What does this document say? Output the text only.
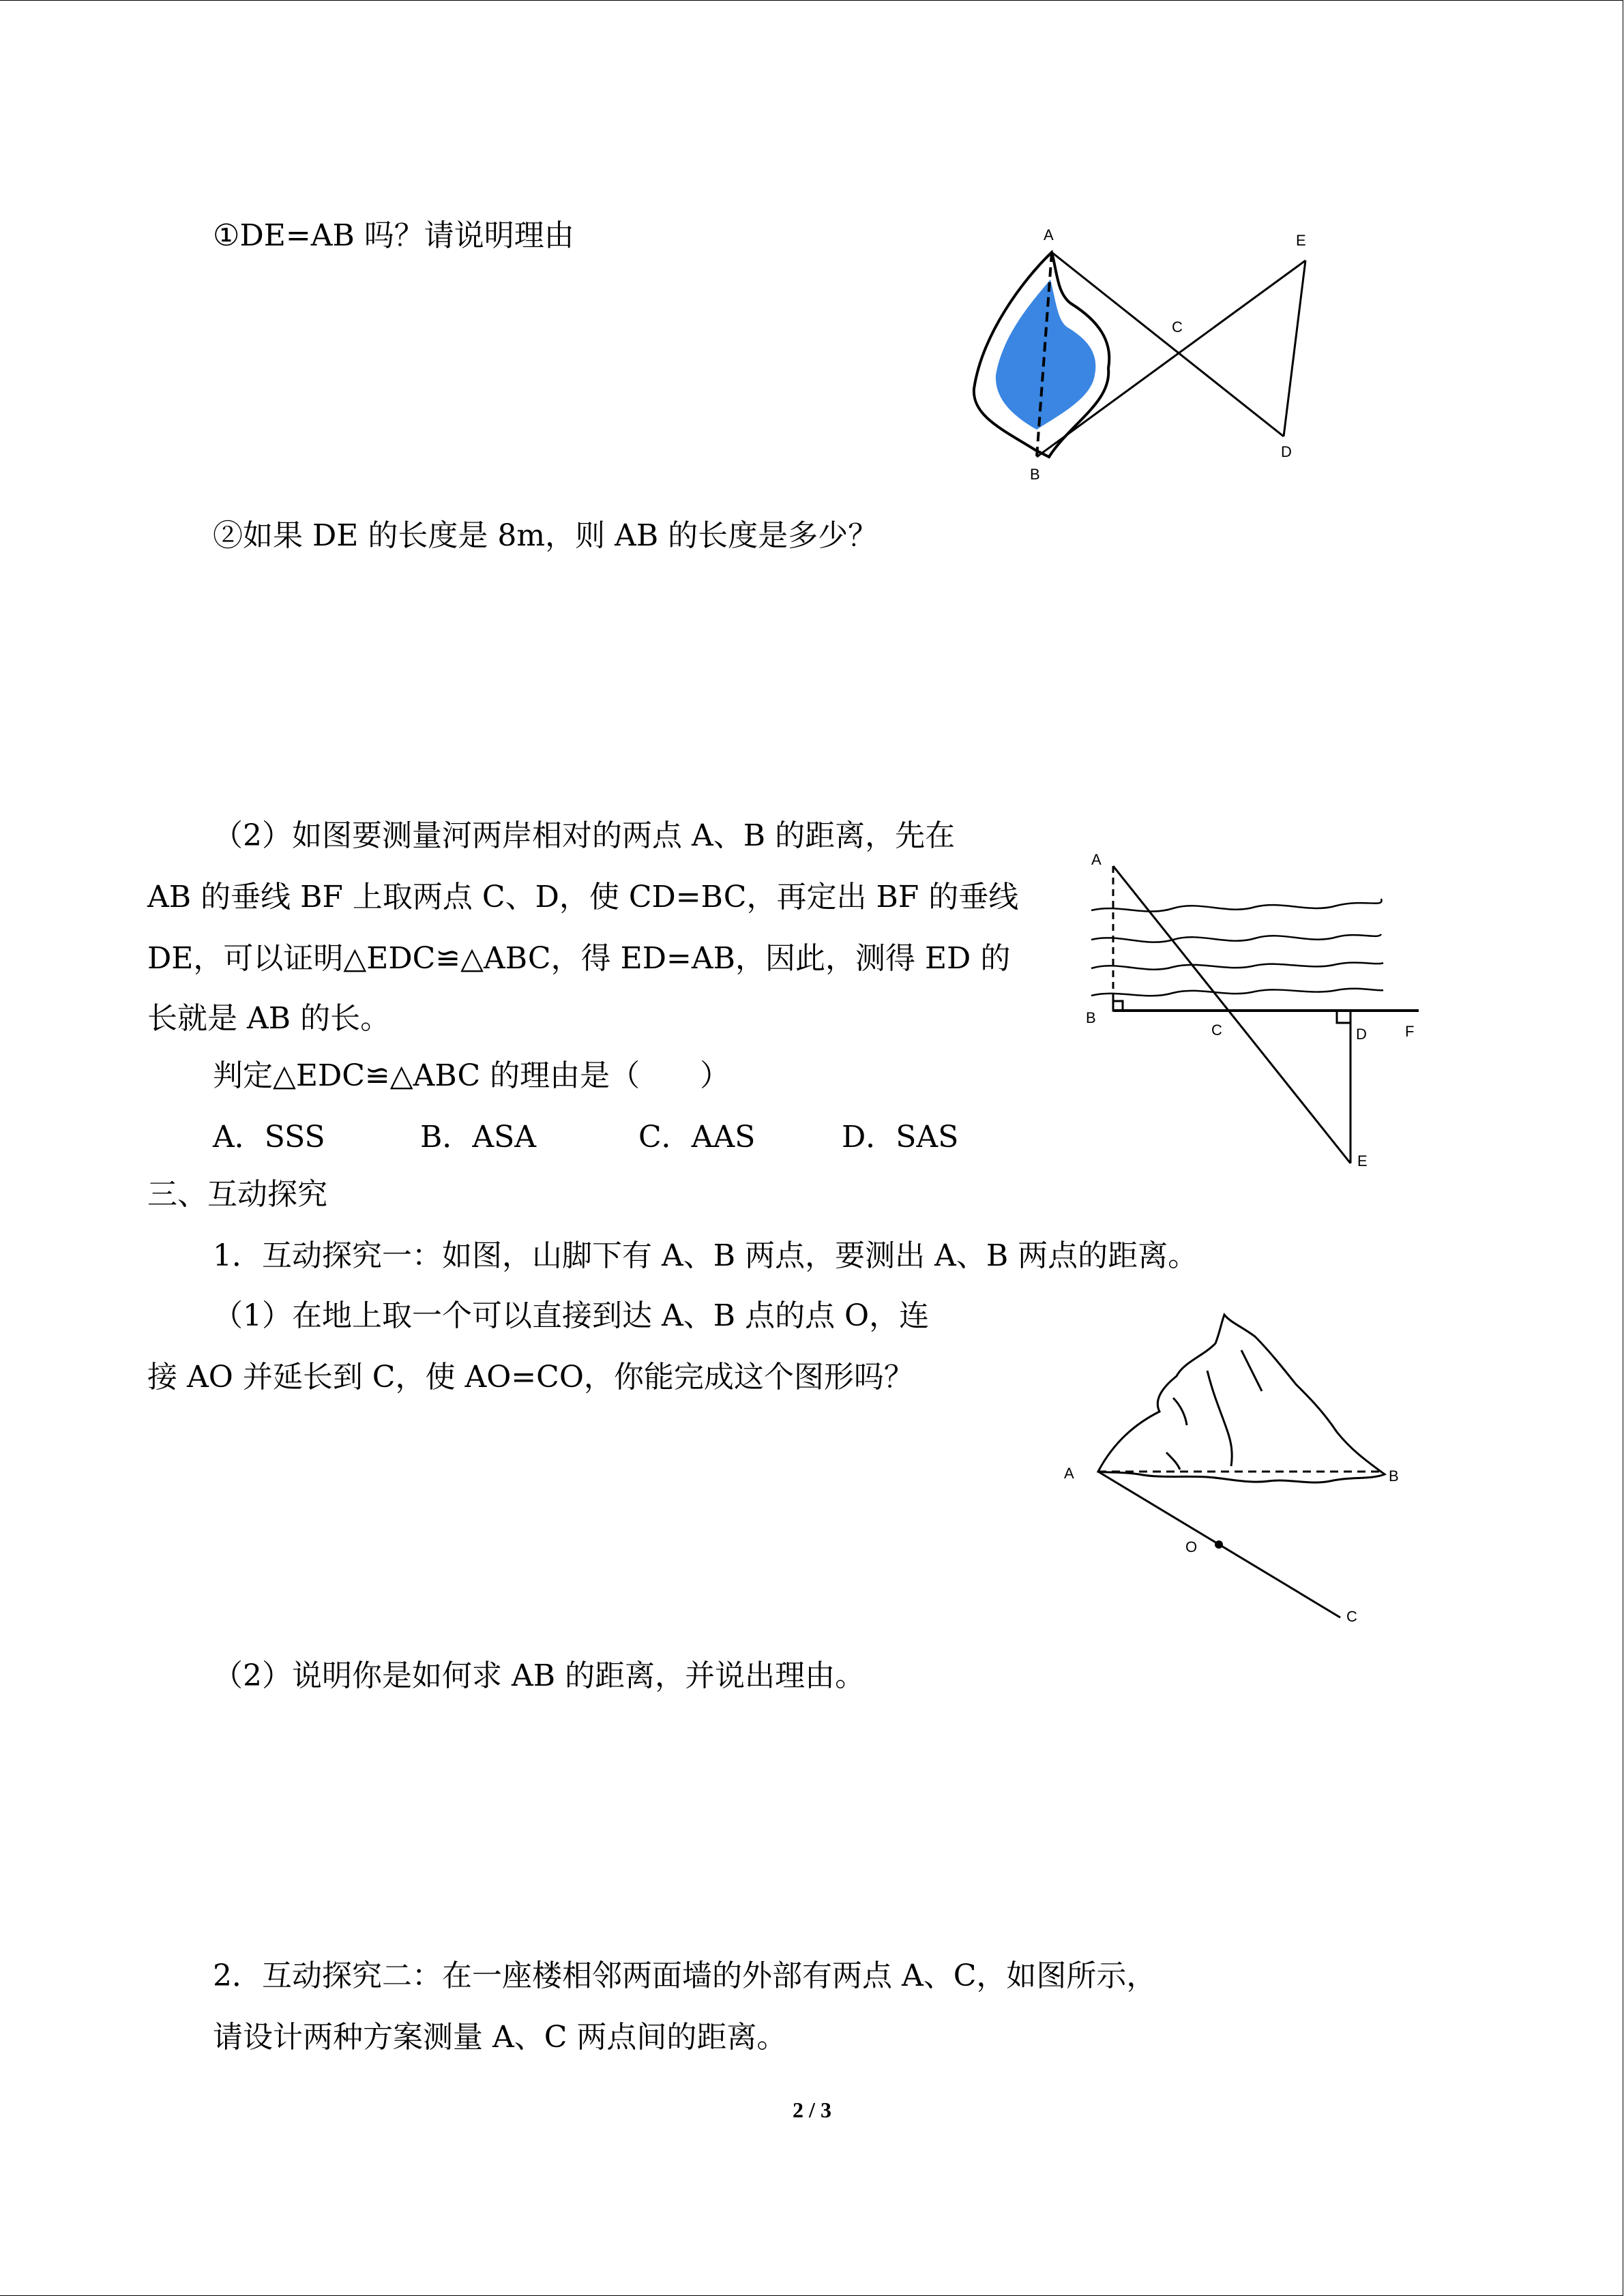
①DE=AB 吗？请说明理由	A
B
C
D
E
②如果 DE 的长度是 8m，则 AB 的长度是多少？
（2）如图要测量河两岸相对的两点 A、B 的距离，先在
AB 的垂线 BF 上取两点 C、D，使 CD=BC，再定出 BF 的垂线
DE，可以证明△EDC≌△ABC，得 ED=AB，因此，测得 ED 的
长就是 AB 的长。
判定△EDC≌△ABC 的理由是（　　）
A．SSS	B．ASA	C．AAS	D．SAS
A
B
C	D
E
F
三、互动探究
1．互动探究一：如图，山脚下有 A、B 两点，要测出 A、B 两点的距离。
（1）在地上取一个可以直接到达 A、B 点的点 O，连
接 AO 并延长到 C，使 AO=CO，你能完成这个图形吗？
A	B
O
C
（2）说明你是如何求 AB 的距离，并说出理由。
2．互动探究二：在一座楼相邻两面墙的外部有两点 A、C，如图所示，
请设计两种方案测量 A、C 两点间的距离。
2 / 3
